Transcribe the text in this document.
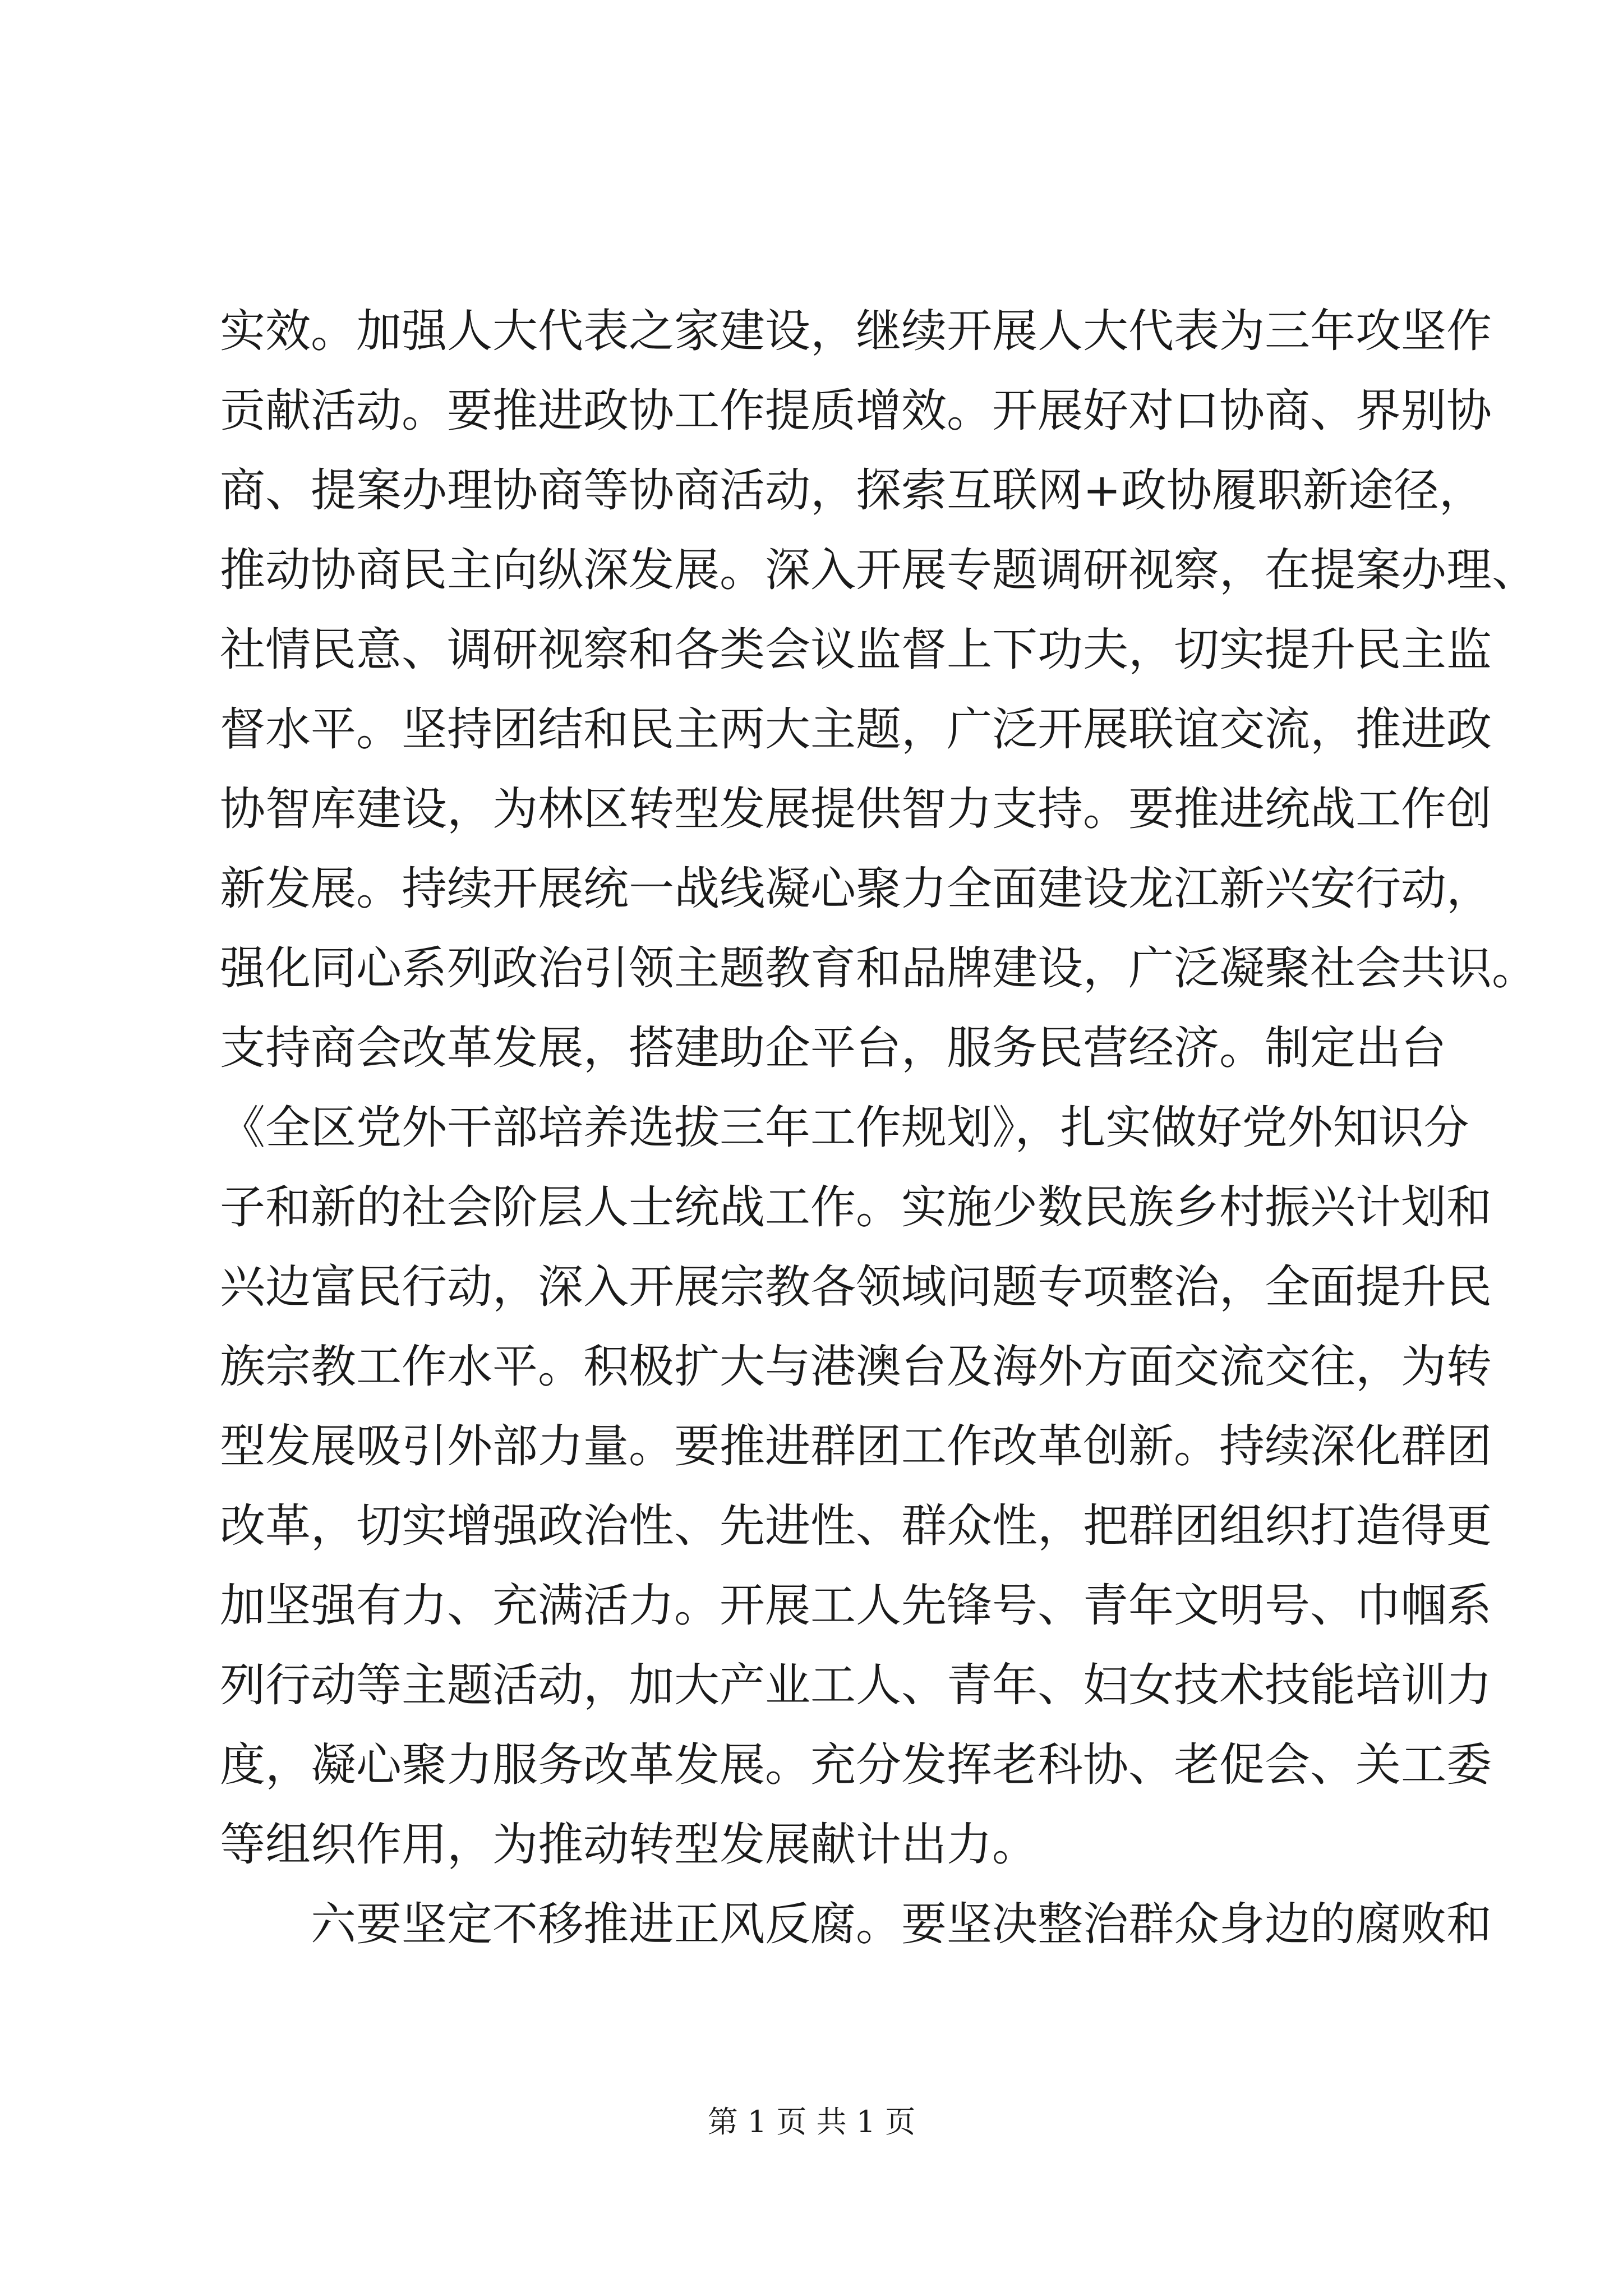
实效。加强人大代表之家建设，继续开展人大代表为三年攻坚作
贡献活动。要推进政协工作提质增效。开展好对口协商、界别协
商、提案办理协商等协商活动，探索互联网+政协履职新途径，
推动协商民主向纵深发展。深入开展专题调研视察，在提案办理、
社情民意、调研视察和各类会议监督上下功夫，切实提升民主监
督水平。坚持团结和民主两大主题，广泛开展联谊交流，推进政
协智库建设，为林区转型发展提供智力支持。要推进统战工作创
新发展。持续开展统一战线凝心聚力全面建设龙江新兴安行动，
强化同心系列政治引领主题教育和品牌建设，广泛凝聚社会共识。
支持商会改革发展，搭建助企平台，服务民营经济。制定出台
《全区党外干部培养选拔三年工作规划》，扎实做好党外知识分
子和新的社会阶层人士统战工作。实施少数民族乡村振兴计划和
兴边富民行动，深入开展宗教各领域问题专项整治，全面提升民
族宗教工作水平。积极扩大与港澳台及海外方面交流交往，为转
型发展吸引外部力量。要推进群团工作改革创新。持续深化群团
改革，切实增强政治性、先进性、群众性，把群团组织打造得更
加坚强有力、充满活力。开展工人先锋号、青年文明号、巾帼系
列行动等主题活动，加大产业工人、青年、妇女技术技能培训力
度，凝心聚力服务改革发展。充分发挥老科协、老促会、关工委
等组织作用，为推动转型发展献计出力。
六要坚定不移推进正风反腐。要坚决整治群众身边的腐败和
第 1 页 共 1 页
